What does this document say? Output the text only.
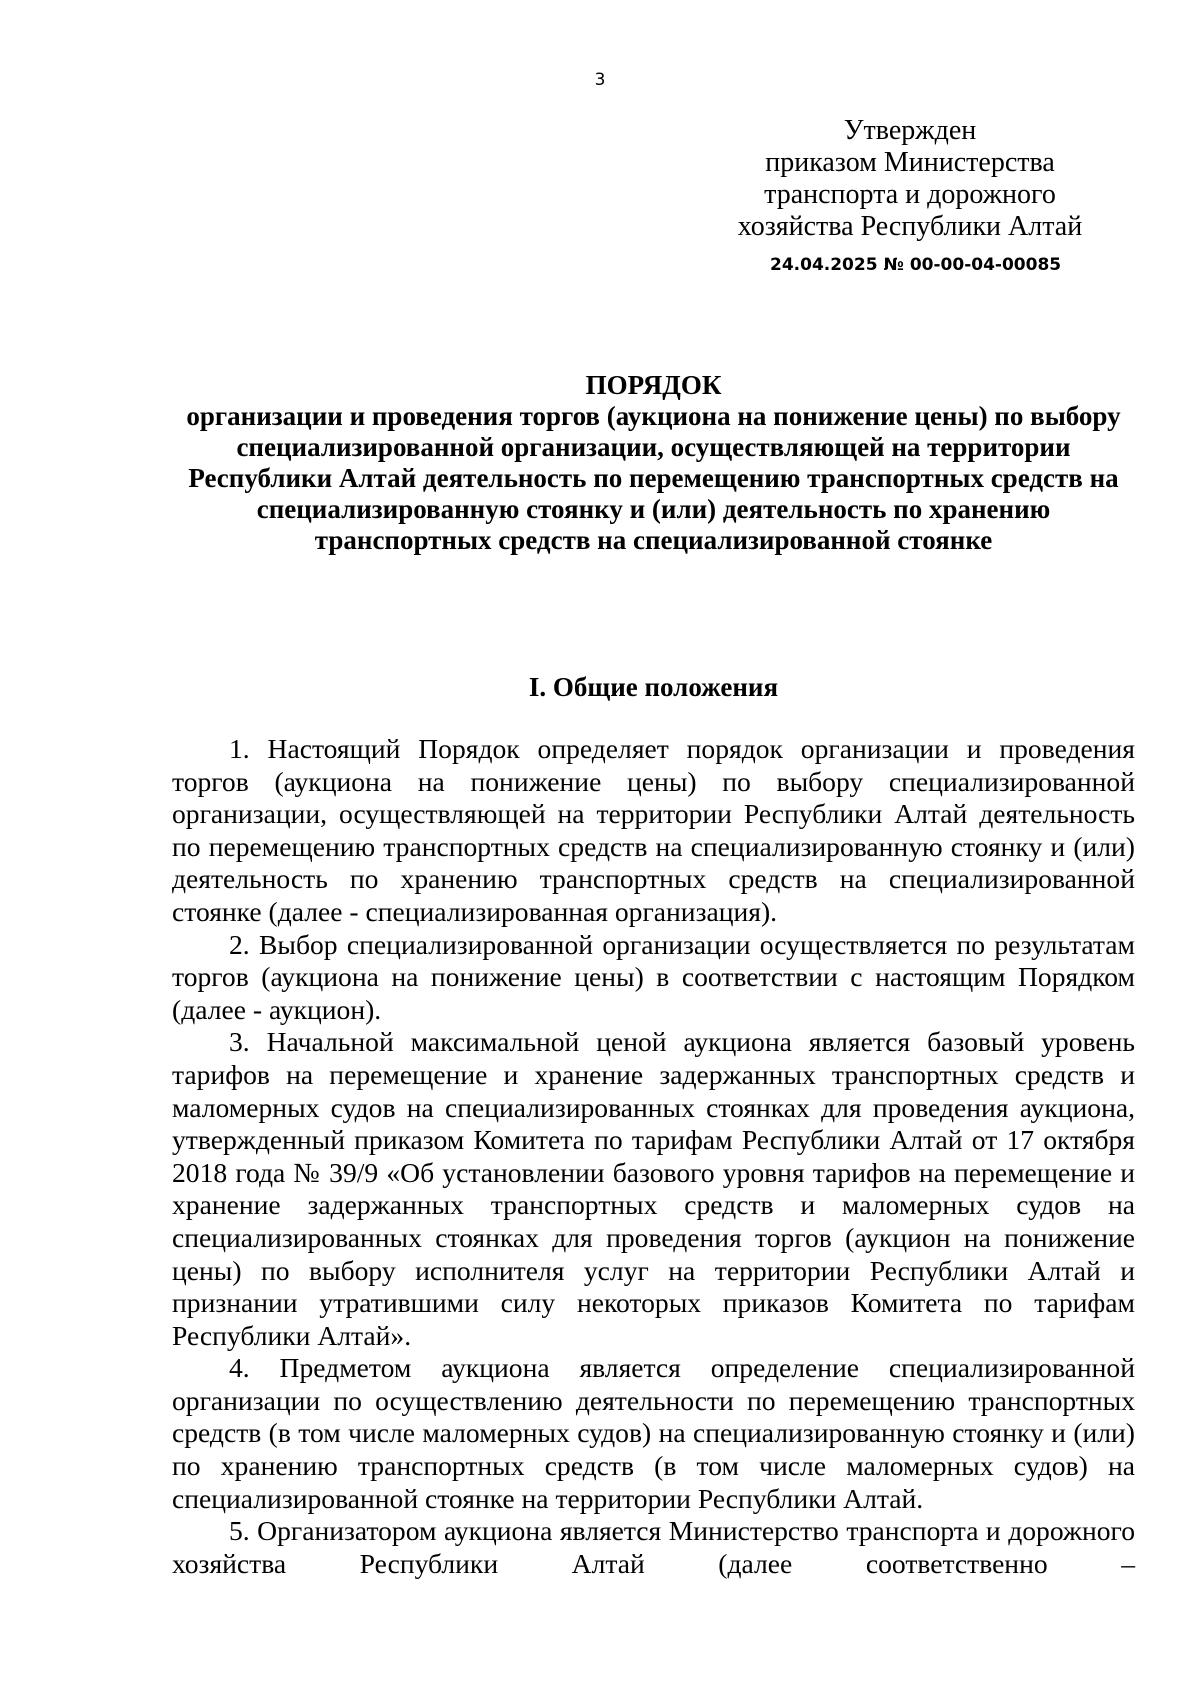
3
Утвержден
приказом Министерства
транспорта и дорожного
хозяйства Республики Алтай
24.04.2025 № 00-00-04-00085
ПОРЯДОК
организации и проведения торгов (аукциона на понижение цены) по выбору специализированной организации, осуществляющей на территории Республики Алтай деятельность по перемещению транспортных средств на специализированную стоянку и (или) деятельность по хранению транспортных средств на специализированной стоянке
I. Общие положения

1. Настоящий Порядок определяет порядок организации и проведения торгов (аукциона на понижение цены) по выбору специализированной организации, осуществляющей на территории Республики Алтай деятельность по перемещению транспортных средств на специализированную стоянку и (или) деятельность по хранению транспортных средств на специализированной стоянке (далее - специализированная организация).

2. Выбор специализированной организации осуществляется по результатам торгов (аукциона на понижение цены) в соответствии с настоящим Порядком (далее - аукцион).

3. Начальной максимальной ценой аукциона является базовый уровень тарифов на перемещение и хранение задержанных транспортных средств и маломерных судов на специализированных стоянках для проведения аукциона, утвержденный приказом Комитета по тарифам Республики Алтай от 17 октября 2018 года № 39/9 «Об установлении базового уровня тарифов на перемещение и хранение задержанных транспортных средств и маломерных судов на специализированных стоянках для проведения торгов (аукцион на понижение цены) по выбору исполнителя услуг на территории Республики Алтай и признании утратившими силу некоторых приказов Комитета по тарифам Республики Алтай».

4. Предметом аукциона является определение специализированной организации по осуществлению деятельности по перемещению транспортных средств (в том числе маломерных судов) на специализированную стоянку и (или) по хранению транспортных средств (в том числе маломерных судов) на специализированной стоянке на территории Республики Алтай.

5. Организатором аукциона является Министерство транспорта и дорожного хозяйства Республики Алтай (далее соответственно –
